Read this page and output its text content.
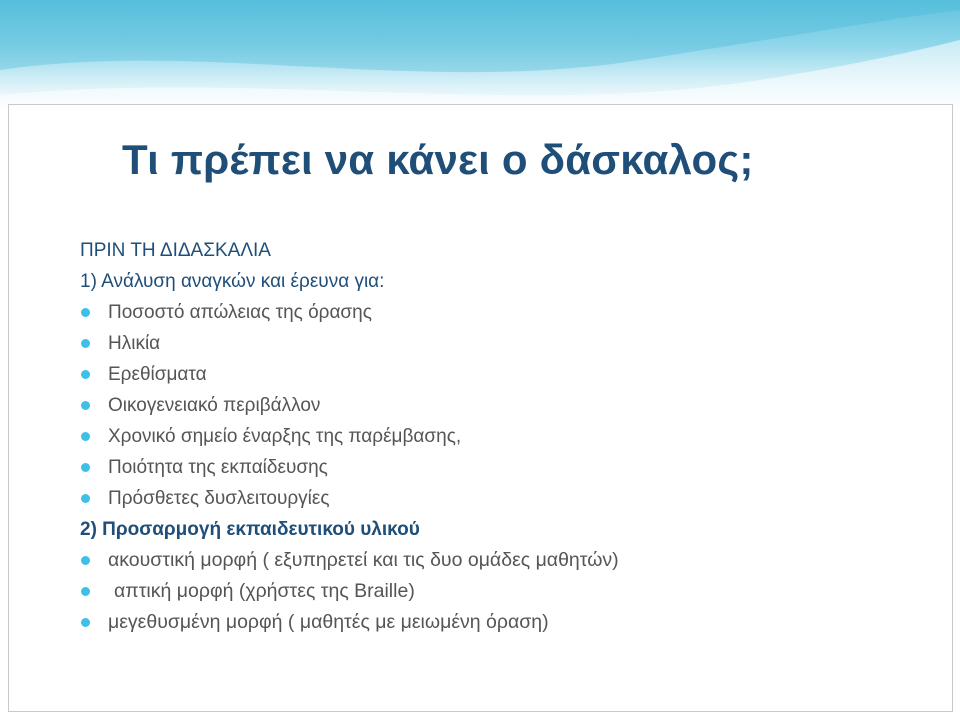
Τι πρέπει να κάνει ο δάσκαλος;
ΠΡΙΝ ΤΗ ΔΙΔΑΣΚΑΛΙΑ
1) Ανάλυση αναγκών και έρευνα για:
Ποσοστό απώλειας της όρασης
Ηλικία
Ερεθίσματα
Οικογενειακό περιβάλλον
Χρονικό σημείο έναρξης της παρέμβασης,
Ποιότητα της εκπαίδευσης
Πρόσθετες δυσλειτουργίες
2) Προσαρμογή εκπαιδευτικού υλικού
ακουστική μορφή ( εξυπηρετεί και τις δυο ομάδες μαθητών)
απτική μορφή (χρήστες της Braille)
μεγεθυσμένη μορφή ( μαθητές με μειωμένη όραση)
